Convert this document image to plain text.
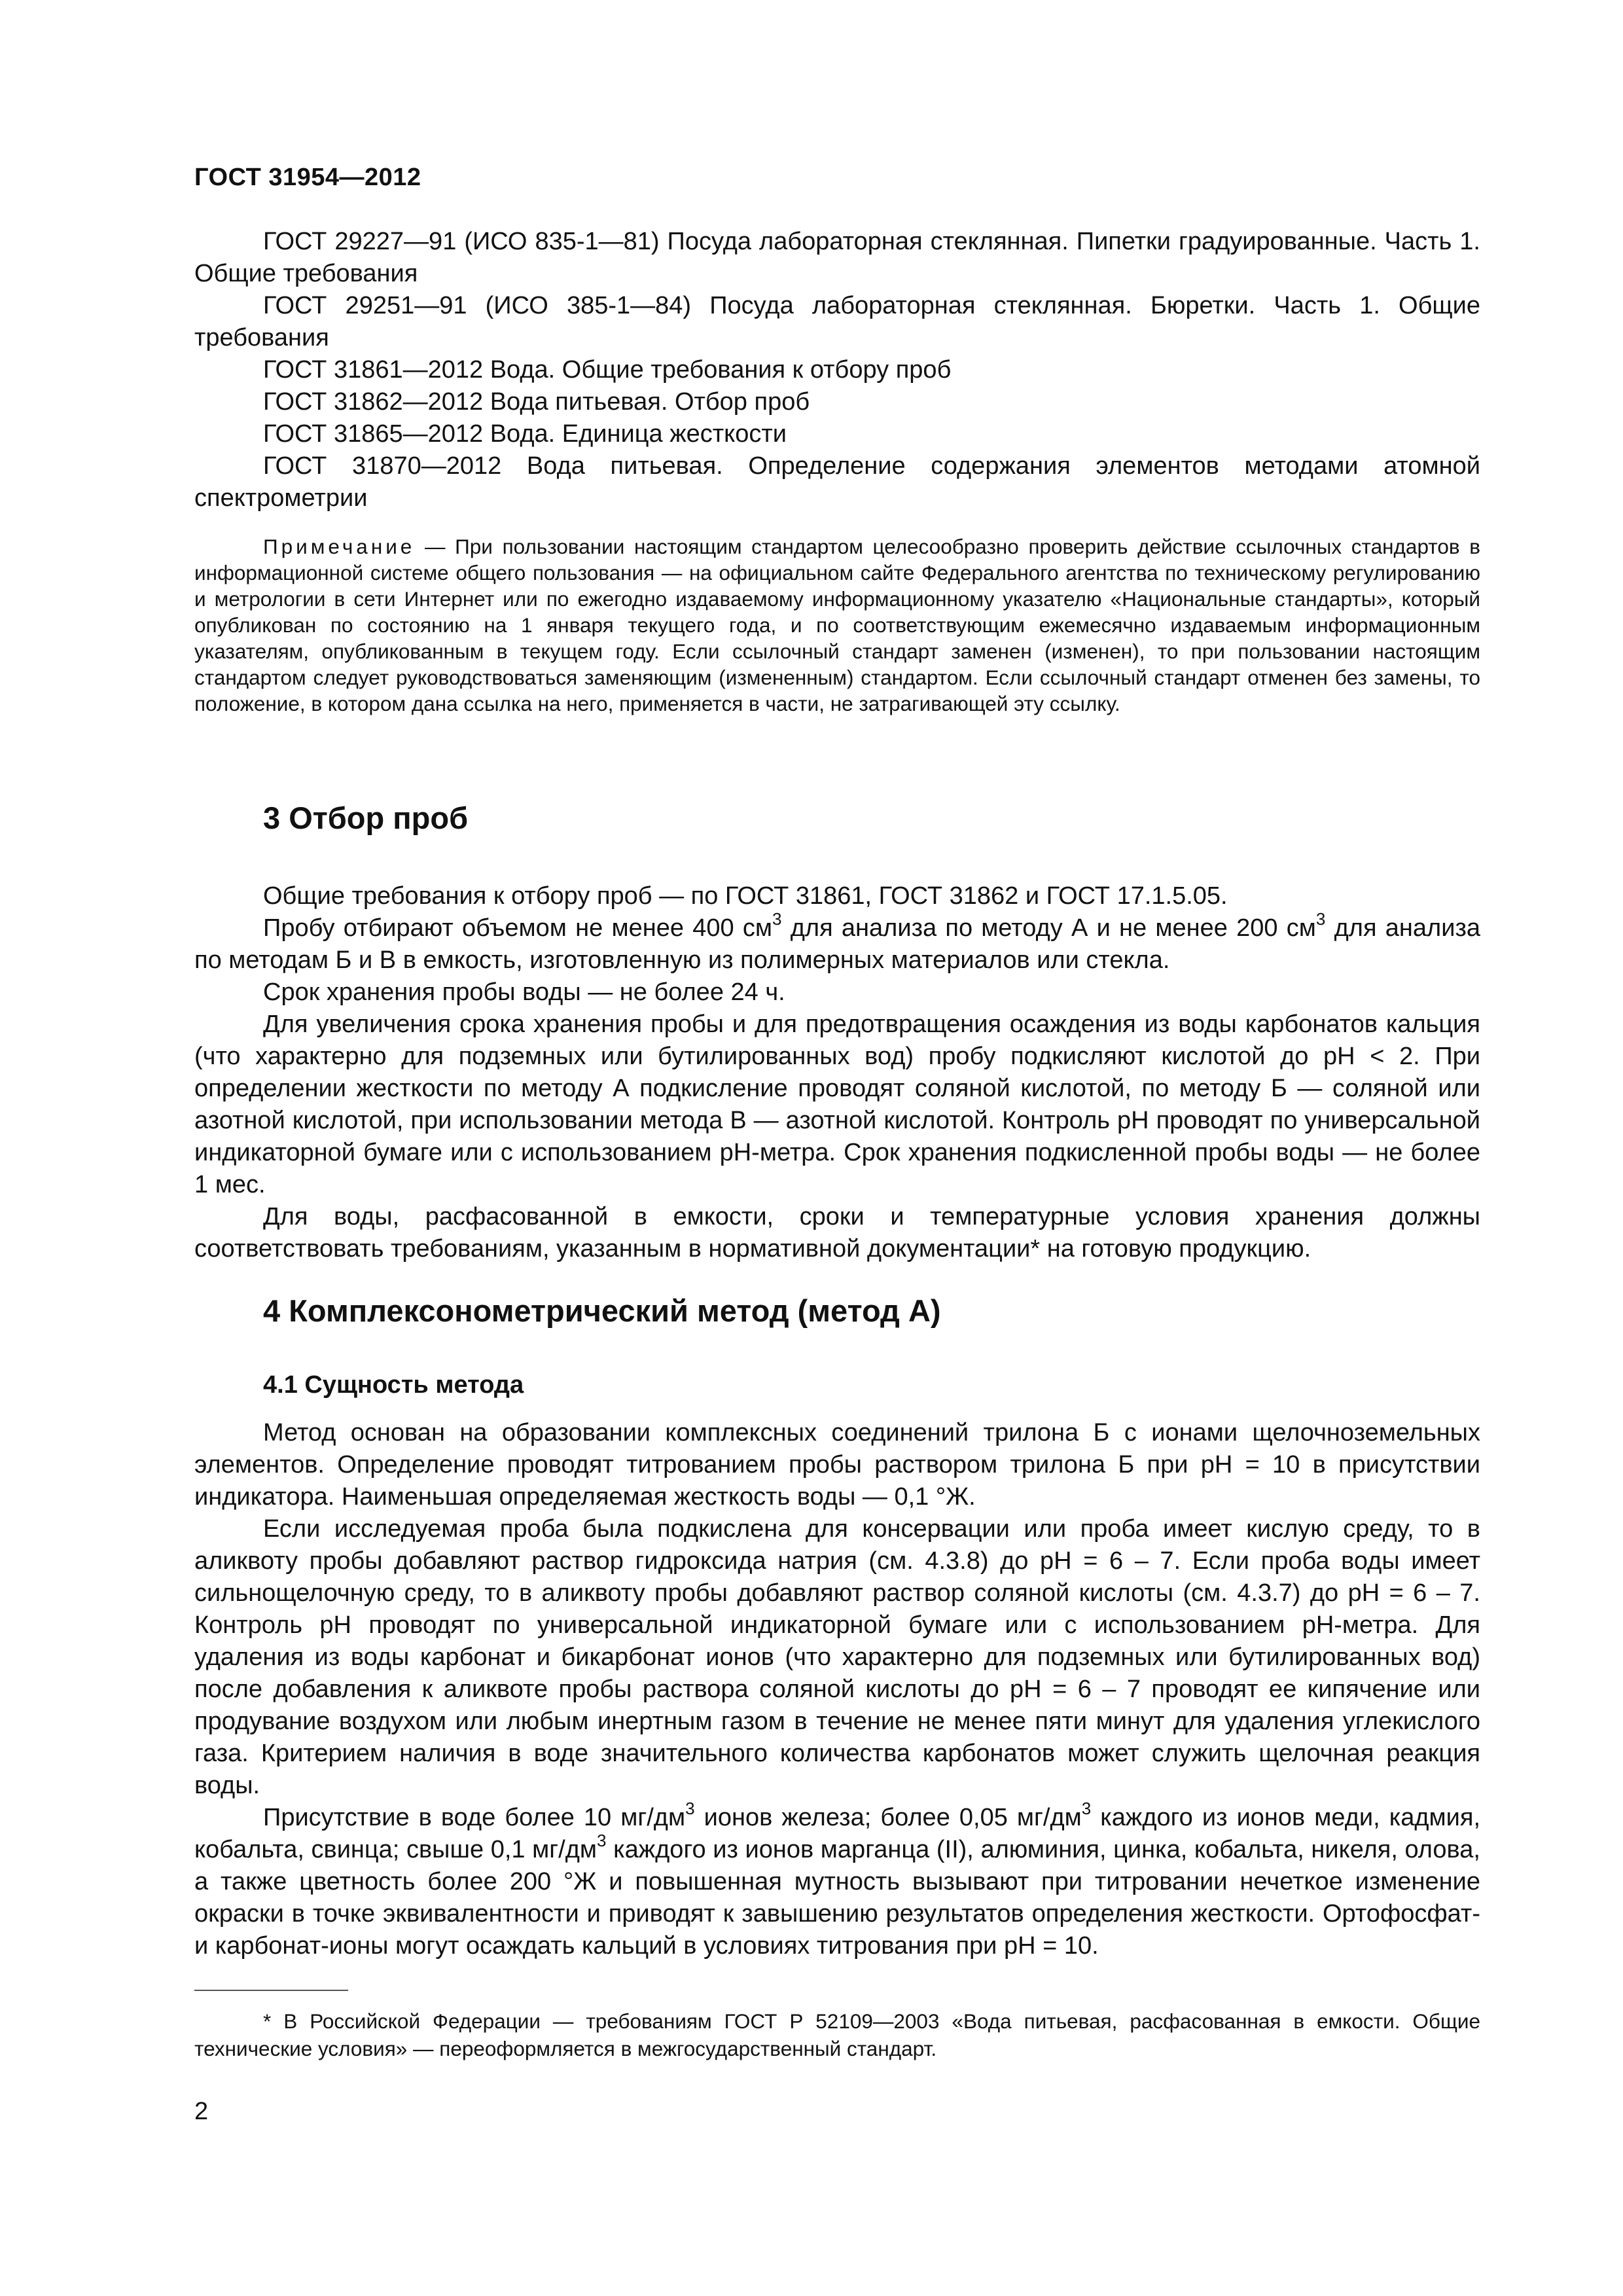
ГОСТ 31954—2012

ГОСТ 29227—91 (ИСО 835-1—81) Посуда лабораторная стеклянная. Пипетки градуированные. Часть 1. Общие требования

ГОСТ 29251—91 (ИСО 385-1—84) Посуда лабораторная стеклянная. Бюретки. Часть 1. Общие требования

ГОСТ 31861—2012 Вода. Общие требования к отбору проб

ГОСТ 31862—2012 Вода питьевая. Отбор проб

ГОСТ 31865—2012 Вода. Единица жесткости

ГОСТ 31870—2012 Вода питьевая. Определение содержания элементов методами атомной спектрометрии

Примечание — При пользовании настоящим стандартом целесообразно проверить действие ссылочных стандартов в информационной системе общего пользования — на официальном сайте Федерального агентства по техническому регулированию и метрологии в сети Интернет или по ежегодно издаваемому информационному указателю «Национальные стандарты», который опубликован по состоянию на 1 января текущего года, и по соответствующим ежемесячно издаваемым информационным указателям, опубликованным в текущем году. Если ссылочный стандарт заменен (изменен), то при пользовании настоящим стандартом следует руководствоваться заменяющим (измененным) стандартом. Если ссылочный стандарт отменен без замены, то положение, в котором дана ссылка на него, применяется в части, не затрагивающей эту ссылку.
3 Отбор проб

Общие требования к отбору проб — по ГОСТ 31861, ГОСТ 31862 и ГОСТ 17.1.5.05.

Пробу отбирают объемом не менее 400 $см^3$ для анализа по методу А и не менее 200 $см^3$ для анализа по методам Б и В в емкость, изготовленную из полимерных материалов или стекла.

Срок хранения пробы воды — не более 24 ч.

Для увеличения срока хранения пробы и для предотвращения осаждения из воды карбонатов кальция (что характерно для подземных или бутилированных вод) пробу подкисляют кислотой до рН < 2. При определении жесткости по методу А подкисление проводят соляной кислотой, по методу Б — соляной или азотной кислотой, при использовании метода В — азотной кислотой. Контроль рН проводят по универсальной индикаторной бумаге или с использованием рН-метра. Срок хранения подкисленной пробы воды — не более 1 мес.

Для воды, расфасованной в емкости, сроки и температурные условия хранения должны соответствовать требованиям, указанным в нормативной документации* на готовую продукцию.

4 Комплексонометрический метод (метод А)
4.1 Сущность метода

Метод основан на образовании комплексных соединений трилона Б с ионами щелочноземельных элементов. Определение проводят титрованием пробы раствором трилона Б при рН = 10 в присутствии индикатора. Наименьшая определяемая жесткость воды — 0,1 °Ж.

Если исследуемая проба была подкислена для консервации или проба имеет кислую среду, то в аликвоту пробы добавляют раствор гидроксида натрия (см. 4.3.8) до рН = 6 – 7. Если проба воды имеет сильнощелочную среду, то в аликвоту пробы добавляют раствор соляной кислоты (см. 4.3.7) до рН = 6 – 7. Контроль рН проводят по универсальной индикаторной бумаге или с использованием рН-метра. Для удаления из воды карбонат и бикарбонат ионов (что характерно для подземных или бутилированных вод) после добавления к аликвоте пробы раствора соляной кислоты до рН = 6 – 7 проводят ее кипячение или продувание воздухом или любым инертным газом в течение не менее пяти минут для удаления углекислого газа. Критерием наличия в воде значительного количества карбонатов может служить щелочная реакция воды.

Присутствие в воде более 10 $мг/дм^3$ ионов железа; более 0,05 $мг/дм^3$ каждого из ионов меди, кадмия, кобальта, свинца; свыше 0,1 $мг/дм^3$ каждого из ионов марганца (II), алюминия, цинка, кобальта, никеля, олова, а также цветность более 200 °Ж и повышенная мутность вызывают при титровании нечеткое изменение окраски в точке эквивалентности и приводят к завышению результатов определения жесткости. Ортофосфат- и карбонат-ионы могут осаждать кальций в условиях титрования при рН = 10.

* В Российской Федерации — требованиям ГОСТ Р 52109—2003 «Вода питьевая, расфасованная в емкости. Общие технические условия» — переоформляется в межгосударственный стандарт.
2
